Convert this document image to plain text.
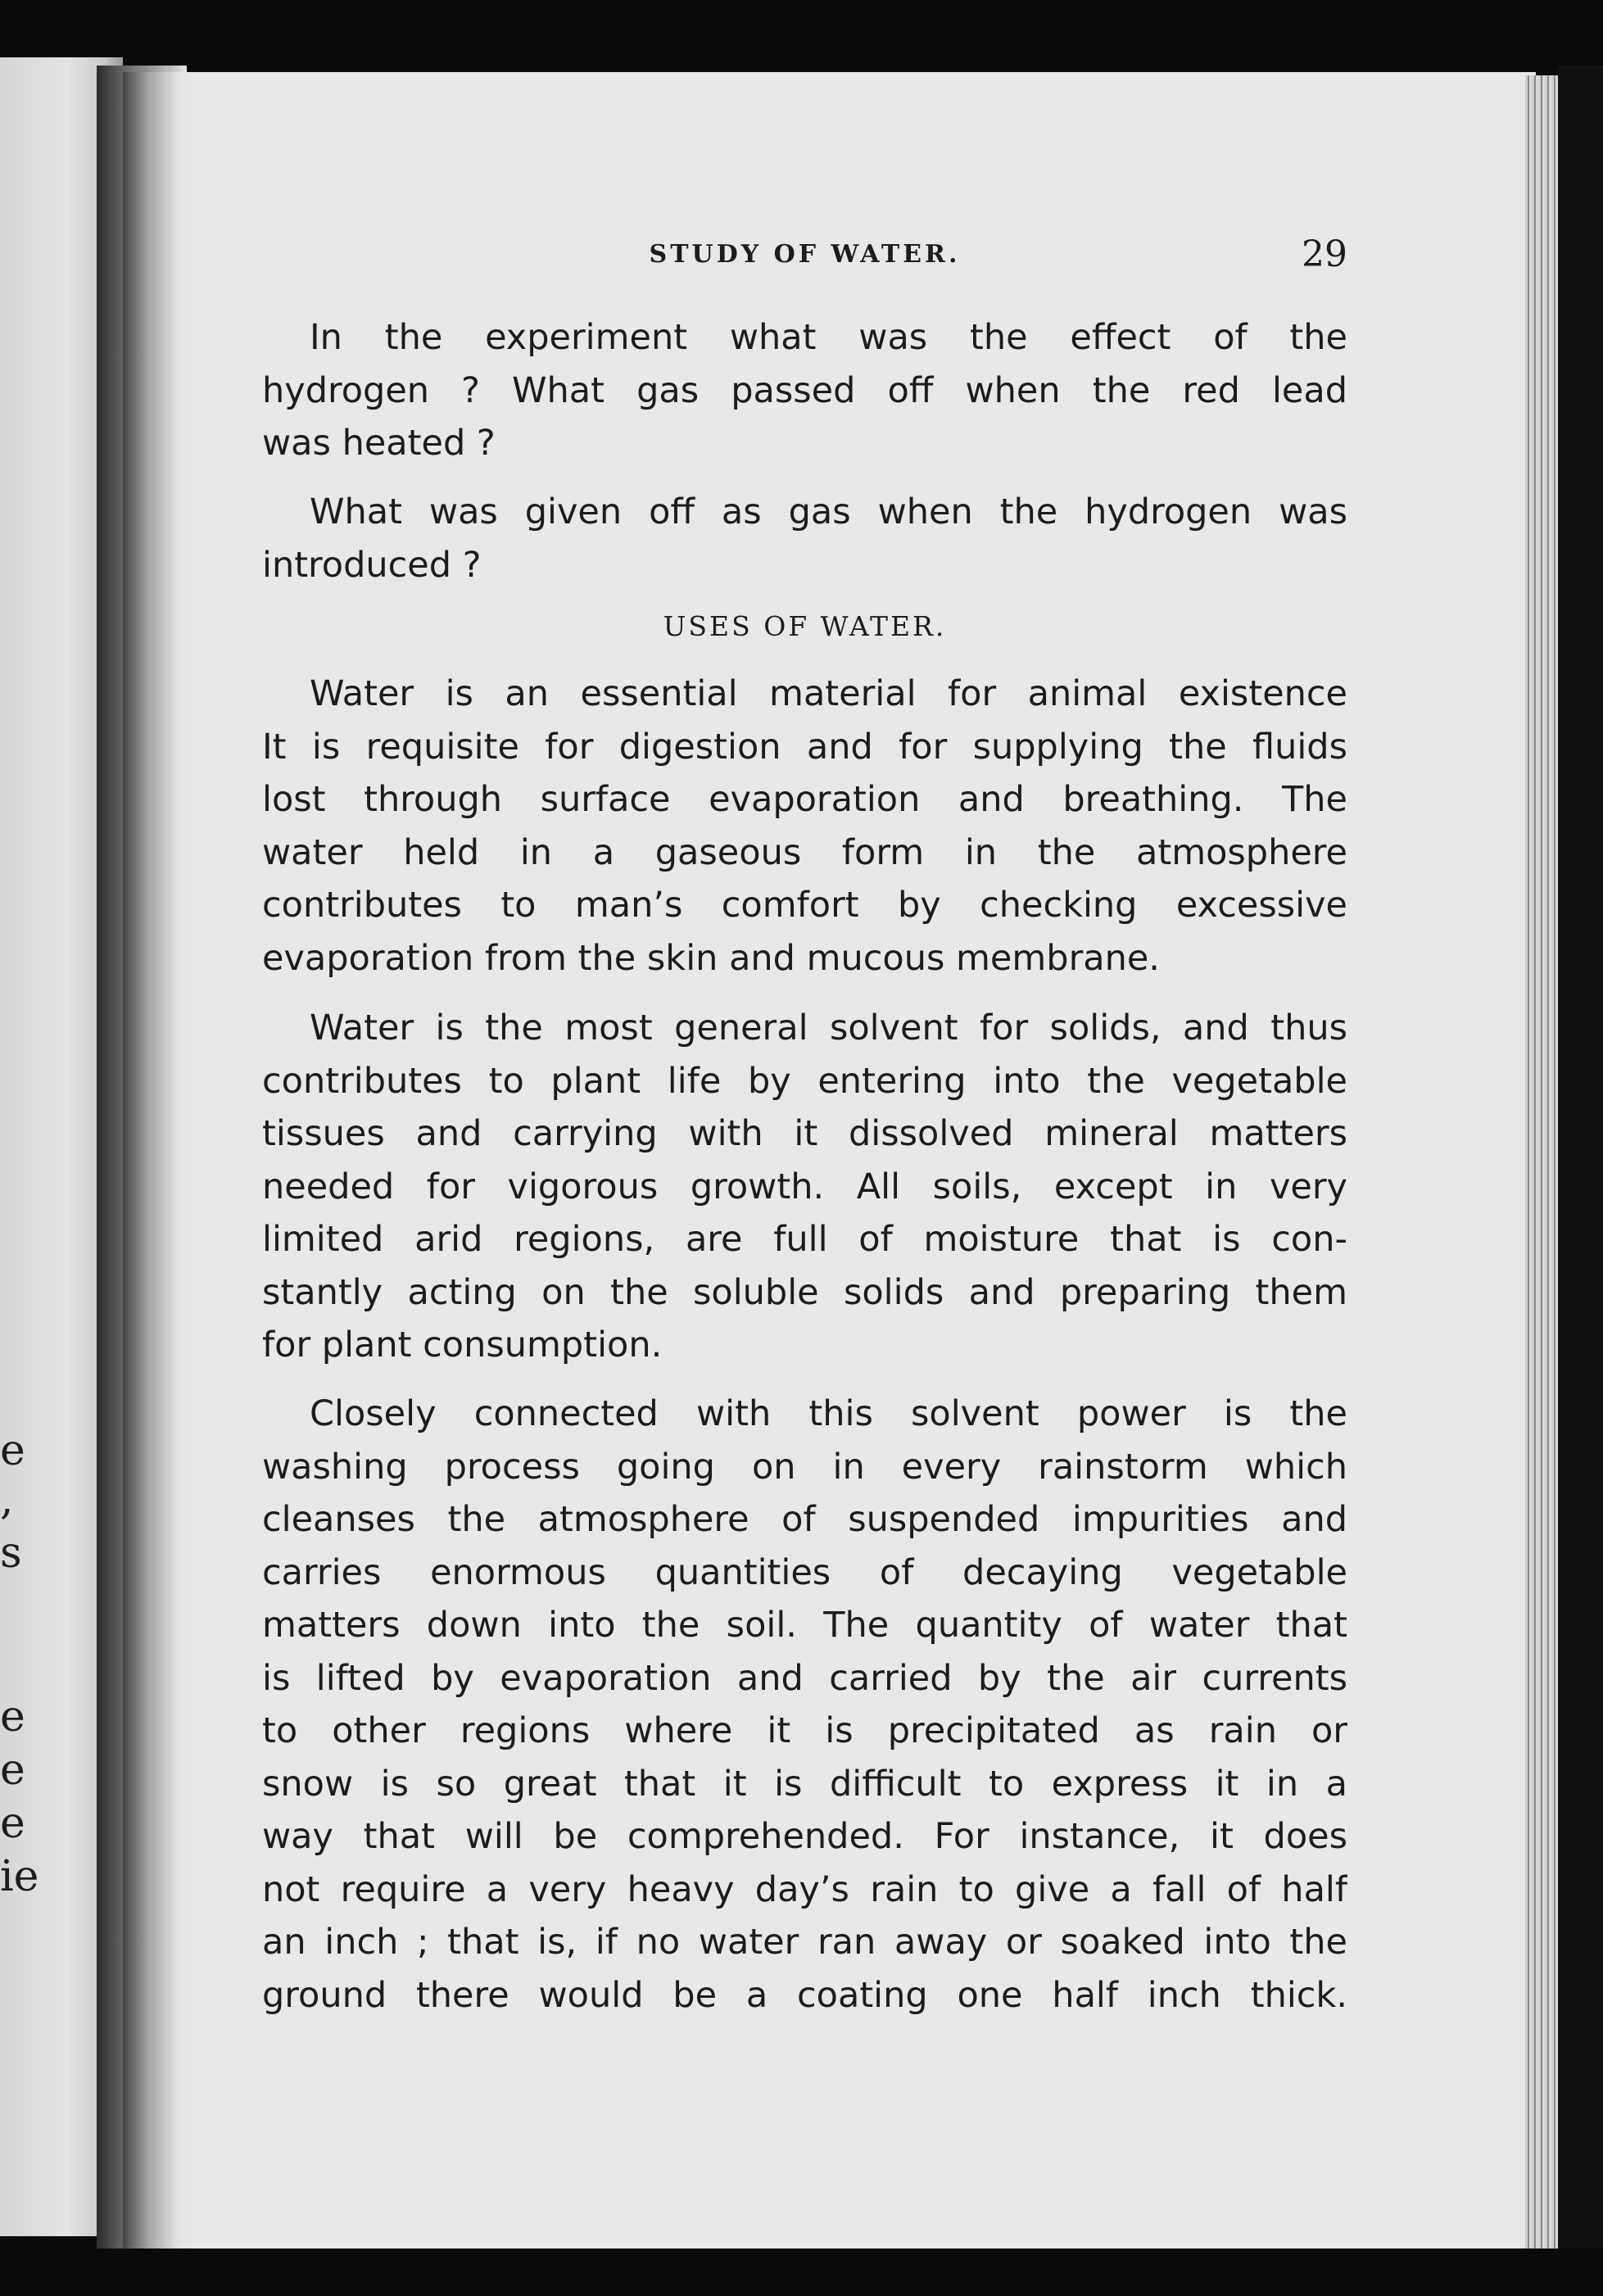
e
,
s
e
e
e
ie
STUDY OF WATER.	29

In the experiment what was the effect of the
hydrogen ? What gas passed off when the red lead
was heated ?

What was given off as gas when the hydrogen was
introduced ?

USES OF WATER.

Water is an essential material for animal existence
It is requisite for digestion and for supplying the fluids
lost through surface evaporation and breathing. The
water held in a gaseous form in the atmosphere
contributes to man’s comfort by checking excessive
evaporation from the skin and mucous membrane.

Water is the most general solvent for solids, and thus
contributes to plant life by entering into the vegetable
tissues and carrying with it dissolved mineral matters
needed for vigorous growth. All soils, except in very
limited arid regions, are full of moisture that is con-
stantly acting on the soluble solids and preparing them
for plant consumption.

Closely connected with this solvent power is the
washing process going on in every rainstorm which
cleanses the atmosphere of suspended impurities and
carries enormous quantities of decaying vegetable
matters down into the soil. The quantity of water that
is lifted by evaporation and carried by the air currents
to other regions where it is precipitated as rain or
snow is so great that it is difficult to express it in a
way that will be comprehended. For instance, it does
not require a very heavy day’s rain to give a fall of half
an inch ; that is, if no water ran away or soaked into the
ground there would be a coating one half inch thick.
